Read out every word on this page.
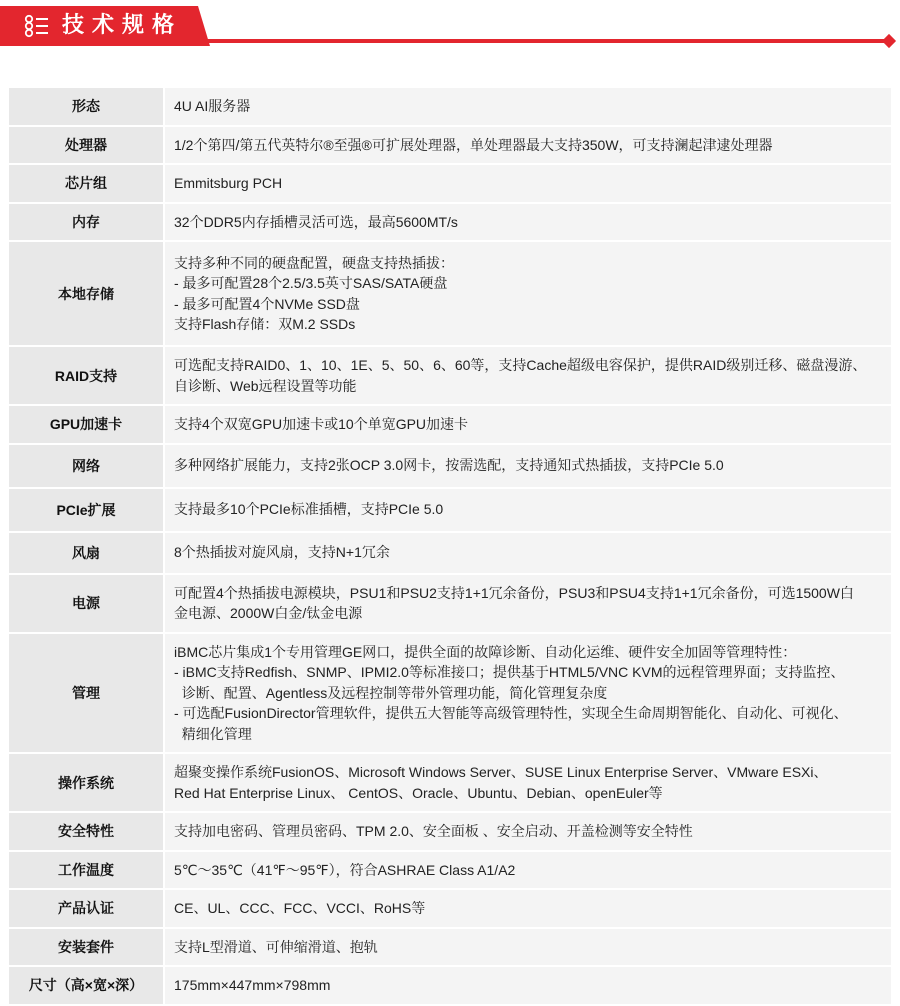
技术规格
形态	4U AI服务器

处理器	1/2个第四/第五代英特尔®至强®可扩展处理器，单处理器最大支持350W，可支持澜起津逮处理器

芯片组	Emmitsburg PCH

内存	32个DDR5内存插槽灵活可选，最高5600MT/s

本地存储	支持多种不同的硬盘配置，硬盘支持热插拔：
- 最多可配置28个2.5/3.5英寸SAS/SATA硬盘
- 最多可配置4个NVMe SSD盘
支持Flash存储：双M.2 SSDs

RAID支持	可选配支持RAID0、1、10、1E、5、50、6、60等，支持Cache超级电容保护，提供RAID级别迁移、磁盘漫游、
自诊断、Web远程设置等功能

GPU加速卡	支持4个双宽GPU加速卡或10个单宽GPU加速卡

网络	多种网络扩展能力，支持2张OCP 3.0网卡，按需选配，支持通知式热插拔，支持PCIe 5.0

PCIe扩展	支持最多10个PCIe标准插槽，支持PCIe 5.0

风扇	8个热插拔对旋风扇，支持N+1冗余

电源	可配置4个热插拔电源模块，PSU1和PSU2支持1+1冗余备份，PSU3和PSU4支持1+1冗余备份，可选1500W白
金电源、2000W白金/钛金电源

管理	iBMC芯片集成1个专用管理GE网口，提供全面的故障诊断、自动化运维、硬件安全加固等管理特性：
- iBMC支持Redfish、SNMP、IPMI2.0等标准接口；提供基于HTML5/VNC KVM的远程管理界面；支持监控、
诊断、配置、Agentless及远程控制等带外管理功能，简化管理复杂度
- 可选配FusionDirector管理软件，提供五大智能等高级管理特性，实现全生命周期智能化、自动化、可视化、
精细化管理

操作系统	超聚变操作系统FusionOS、Microsoft Windows Server、SUSE Linux Enterprise Server、VMware ESXi、
Red Hat Enterprise Linux、 CentOS、Oracle、Ubuntu、Debian、openEuler等

安全特性	支持加电密码、管理员密码、TPM 2.0、安全面板 、安全启动、开盖检测等安全特性

工作温度	5℃～35℃（41℉～95℉），符合ASHRAE Class A1/A2

产品认证	CE、UL、CCC、FCC、VCCI、RoHS等

安装套件	支持L型滑道、可伸缩滑道、抱轨

尺寸（高×宽×深）	175mm×447mm×798mm
